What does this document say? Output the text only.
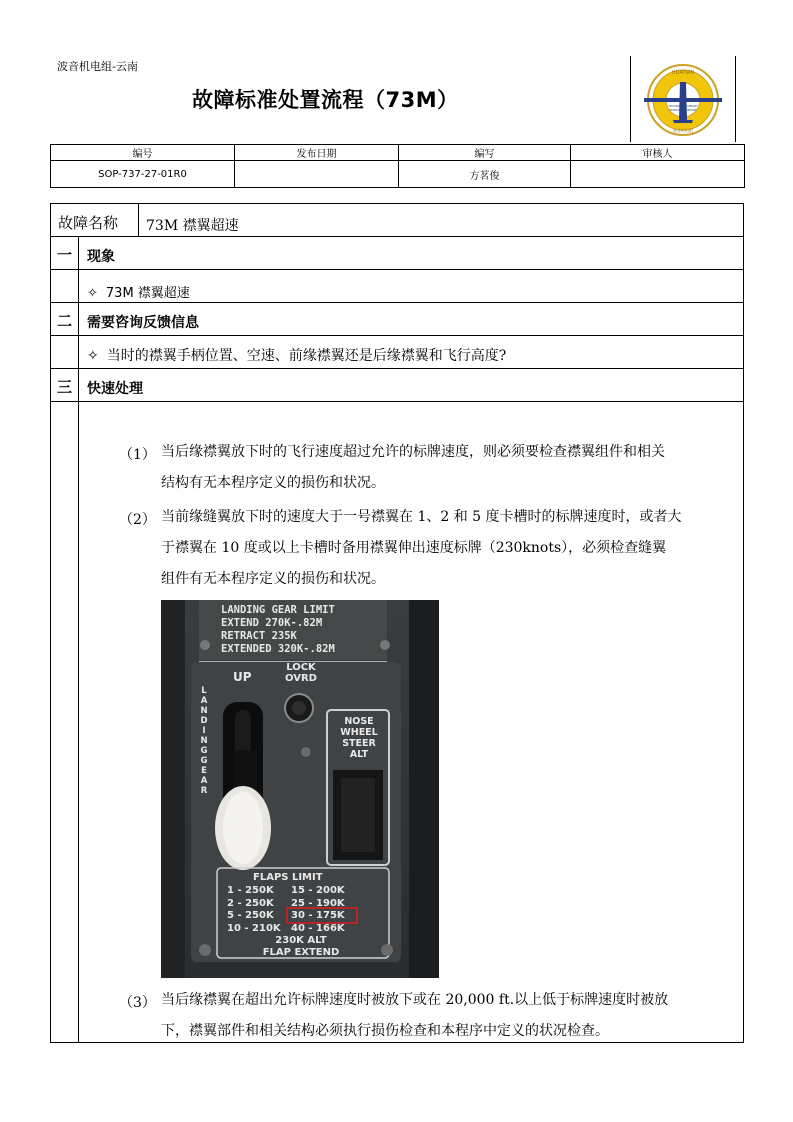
波音机电组-云南
故障标准处置流程（73M）
HUATIAN
TECHNICAL SUPPORT
DISPATCH SUPPORT
波音机电组
编号	发布日期	编写	审核人
SOP-737-27-01R0		方茗俊	
故障名称 73M 襟翼超速
一 现象
✧ 73M 襟翼超速
二 需要咨询反馈信息
✧ 当时的襟翼手柄位置、空速、前缘襟翼还是后缘襟翼和飞行高度?
三 快速处理
（1） 当后缘襟翼放下时的飞行速度超过允许的标牌速度，则必须要检查襟翼组件和相关
结构有无本程序定义的损伤和状况。
（2） 当前缘缝翼放下时的速度大于一号襟翼在 1、2 和 5 度卡槽时的标牌速度时，或者大
于襟翼在 10 度或以上卡槽时备用襟翼伸出速度标牌（230knots），必须检查缝翼
组件有无本程序定义的损伤和状况。
LANDING GEAR LIMIT
EXTEND 270K-.82M
RETRACT 235K
EXTENDED 320K-.82M
UP
LOCK
OVRD
NOSE
WHEEL
STEER
ALT
LANDING GEAR
FLAPS LIMIT
1 - 250K
2 - 250K
5 - 250K
10 - 210K
15 - 200K
25 - 190K
30 - 175K
40 - 166K
230K ALT
FLAP EXTEND
（3） 当后缘襟翼在超出允许标牌速度时被放下或在 20,000 ft.以上低于标牌速度时被放
下，襟翼部件和相关结构必须执行损伤检查和本程序中定义的状况检查。
